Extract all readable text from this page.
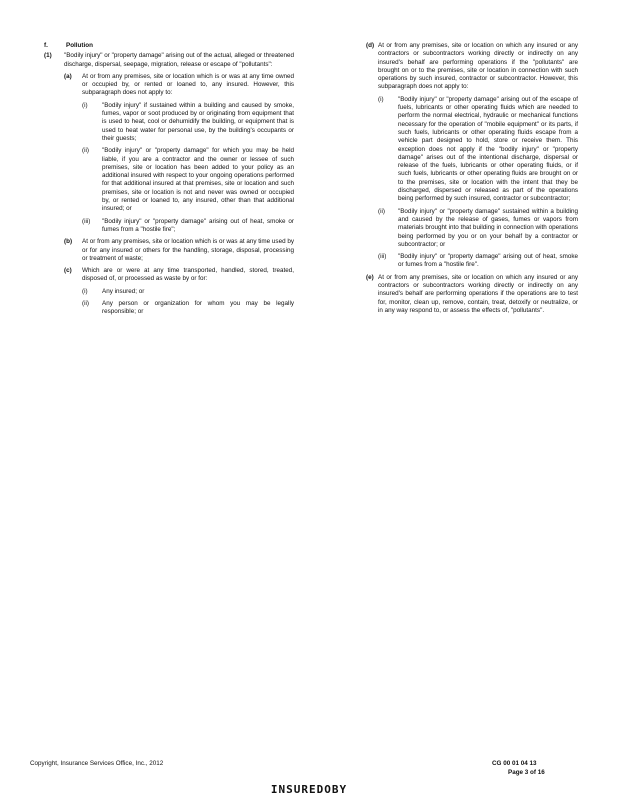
f.	Pollution
(1) "Bodily injury" or "property damage" arising out of the actual, alleged or threatened discharge, dispersal, seepage, migration, release or escape of "pollutants":

(a) At or from any premises, site or location which is or was at any time owned or occupied by, or rented or loaned to, any insured. However, this subparagraph does not apply to:

(i) "Bodily injury" if sustained within a building and caused by smoke, fumes, vapor or soot produced by or originating from equipment that is used to heat, cool or dehumidify the building, or equipment that is used to heat water for personal use, by the building's occupants or their guests;

(ii) "Bodily injury" or "property damage" for which you may be held liable, if you are a contractor and the owner or lessee of such premises, site or location has been added to your policy as an additional insured with respect to your ongoing operations performed for that additional insured at that premises, site or location and such premises, site or location is not and never was owned or occupied by, or rented or loaned to, any insured, other than that additional insured; or

(iii) "Bodily injury" or "property damage" arising out of heat, smoke or fumes from a "hostile fire";

(b) At or from any premises, site or location which is or was at any time used by or for any insured or others for the handling, storage, disposal, processing or treatment of waste;

(c) Which are or were at any time transported, handled, stored, treated, disposed of, or processed as waste by or for:

(i) Any insured; or

(ii) Any person or organization for whom you may be legally responsible; or

(d) At or from any premises, site or location on which any insured or any contractors or subcontractors working directly or indirectly on any insured's behalf are performing operations if the "pollutants" are brought on or to the premises, site or location in connection with such operations by such insured, contractor or subcontractor. However, this subparagraph does not apply to:

(i) "Bodily injury" or "property damage" arising out of the escape of fuels, lubricants or other operating fluids which are needed to perform the normal electrical, hydraulic or mechanical functions necessary for the operation of "mobile equipment" or its parts, if such fuels, lubricants or other operating fluids escape from a vehicle part designed to hold, store or receive them. This exception does not apply if the "bodily injury" or "property damage" arises out of the intentional discharge, dispersal or release of the fuels, lubricants or other operating fluids, or if such fuels, lubricants or other operating fluids are brought on or to the premises, site or location with the intent that they be discharged, dispersed or released as part of the operations being performed by such insured, contractor or subcontractor;

(ii) "Bodily injury" or "property damage" sustained within a building and caused by the release of gases, fumes or vapors from materials brought into that building in connection with operations being performed by you or on your behalf by a contractor or subcontractor; or

(iii) "Bodily injury" or "property damage" arising out of heat, smoke or fumes from a "hostile fire".

(e) At or from any premises, site or location on which any insured or any contractors or subcontractors working directly or indirectly on any insured's behalf are performing operations if the operations are to test for, monitor, clean up, remove, contain, treat, detoxify or neutralize, or in any way respond to, or assess the effects of, "pollutants".

Copyright, Insurance Services Office, Inc., 2012	CG 00 01 04 13
Page 3 of 16
INSUREDOBY
